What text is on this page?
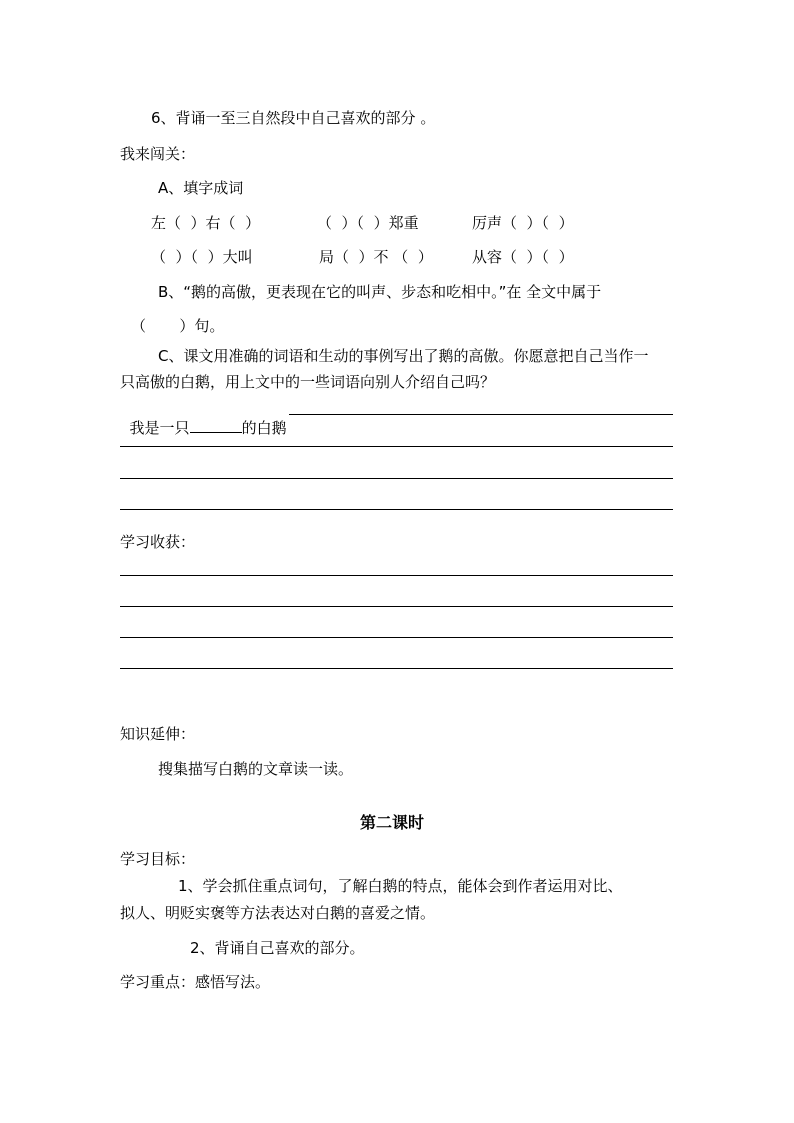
6、背诵一至三自然段中自己喜欢的部分 。
我来闯关：
A、填字成词
左（  ）右（  ）	（  ）（  ）郑重	厉声（  ）（  ）
（  ）（  ）大叫	局（  ）不 （  ）	从容（  ）（  ）
B、“鹅的高傲，更表现在它的叫声、步态和吃相中。”在 全文中属于
（       ）句。
C、课文用准确的词语和生动的事例写出了鹅的高傲。你愿意把自己当作一
只高傲的白鹅，用上文中的一些词语向别人介绍自己吗？

我是一只	的白鹅

学习收获：
知识延伸：
搜集描写白鹅的文章读一读。
第二课时
学习目标：
1、学会抓住重点词句，了解白鹅的特点，能体会到作者运用对比、
拟人、明贬实褒等方法表达对白鹅的喜爱之情。
2、背诵自己喜欢的部分。
学习重点：感悟写法。
